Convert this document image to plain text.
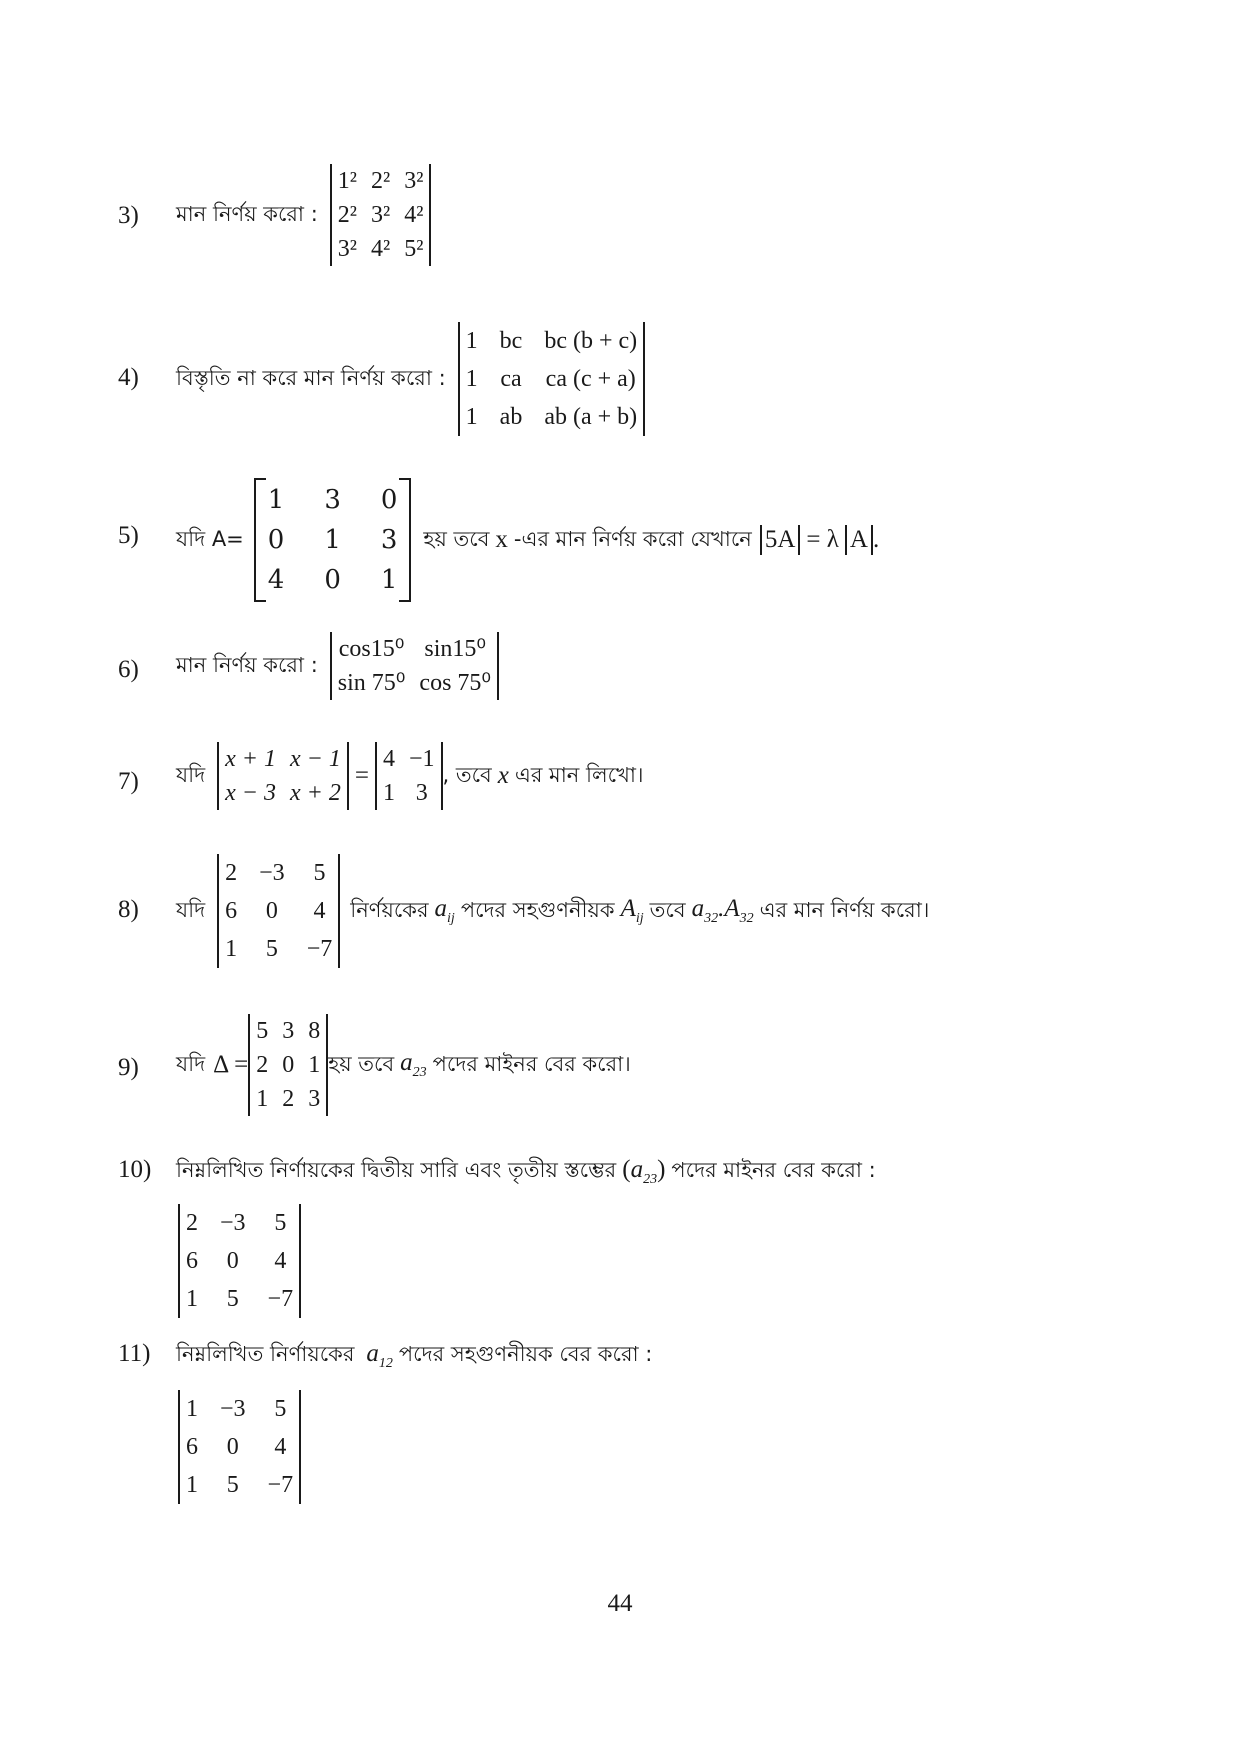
3) মান নির্ণয় করো :
1² 2² 3²
2² 3² 4²
3² 4² 5²
4) বিস্তৃতি না করে মান নির্ণয় করো :
1 bc bc (b + c)
1 ca ca (c + a)
1 ab ab (a + b)
5) যদি A=
1 3 0
0 1 3
4 0 1
হয় তবে x -এর মান নির্ণয় করো যেখানে 5A = λ A .
6) মান নির্ণয় করো :
cos15⁰ sin15⁰
sin 75⁰ cos 75⁰
7) যদি
x + 1 x − 1
x − 3 x + 2
=
4 −1
1 3
, তবে x এর মান লিখো।
8) যদি
2 −3 5
6 0 4
1 5 −7
নির্ণয়কের $a_{ij}$ পদের সহগুণনীয়ক $A_{ij}$ তবে $a_{32}.A_{32}$ এর মান নির্ণয় করো।
9) যদি Δ =
5 3 8
2 0 1
1 2 3
হয় তবে $a_{23}$ পদের মাইনর বের করো।
10) নিম্নলিখিত নির্ণায়কের দ্বিতীয় সারি এবং তৃতীয় স্তম্ভের $(a_{23})$ পদের মাইনর বের করো :
2 −3 5
6 0 4
1 5 −7
11) নিম্নলিখিত নির্ণায়কের $a_{12}$ পদের সহগুণনীয়ক বের করো :
1 −3 5
6 0 4
1 5 −7
44
